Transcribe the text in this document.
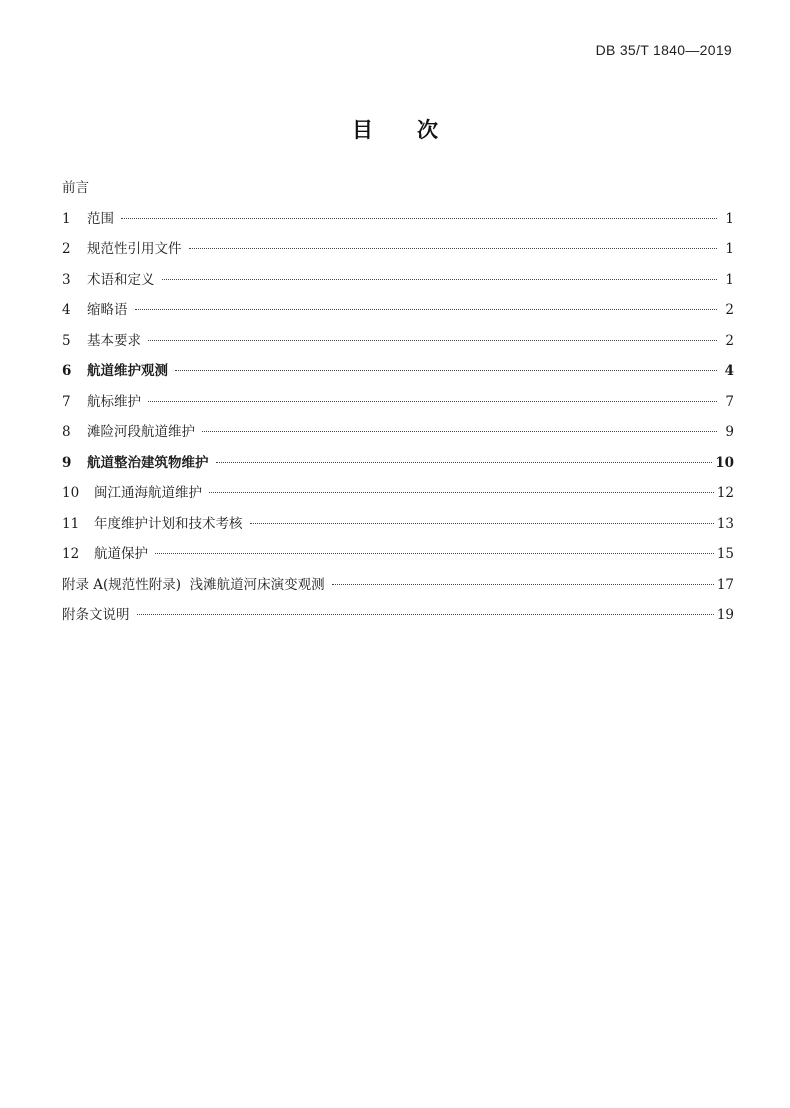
DB 35/T 1840—2019
目 次
前言
1	范围	1
2	规范性引用文件	1
3	术语和定义	1
4	缩略语	2
5	基本要求	2
6	航道维护观测	4
7	航标维护	7
8	滩险河段航道维护	9
9	航道整治建筑物维护	10
10	闽江通海航道维护	12
11	年度维护计划和技术考核	13
12	航道保护	15
附录 A(规范性附录)  浅滩航道河床演变观测	17
附条文说明	19
